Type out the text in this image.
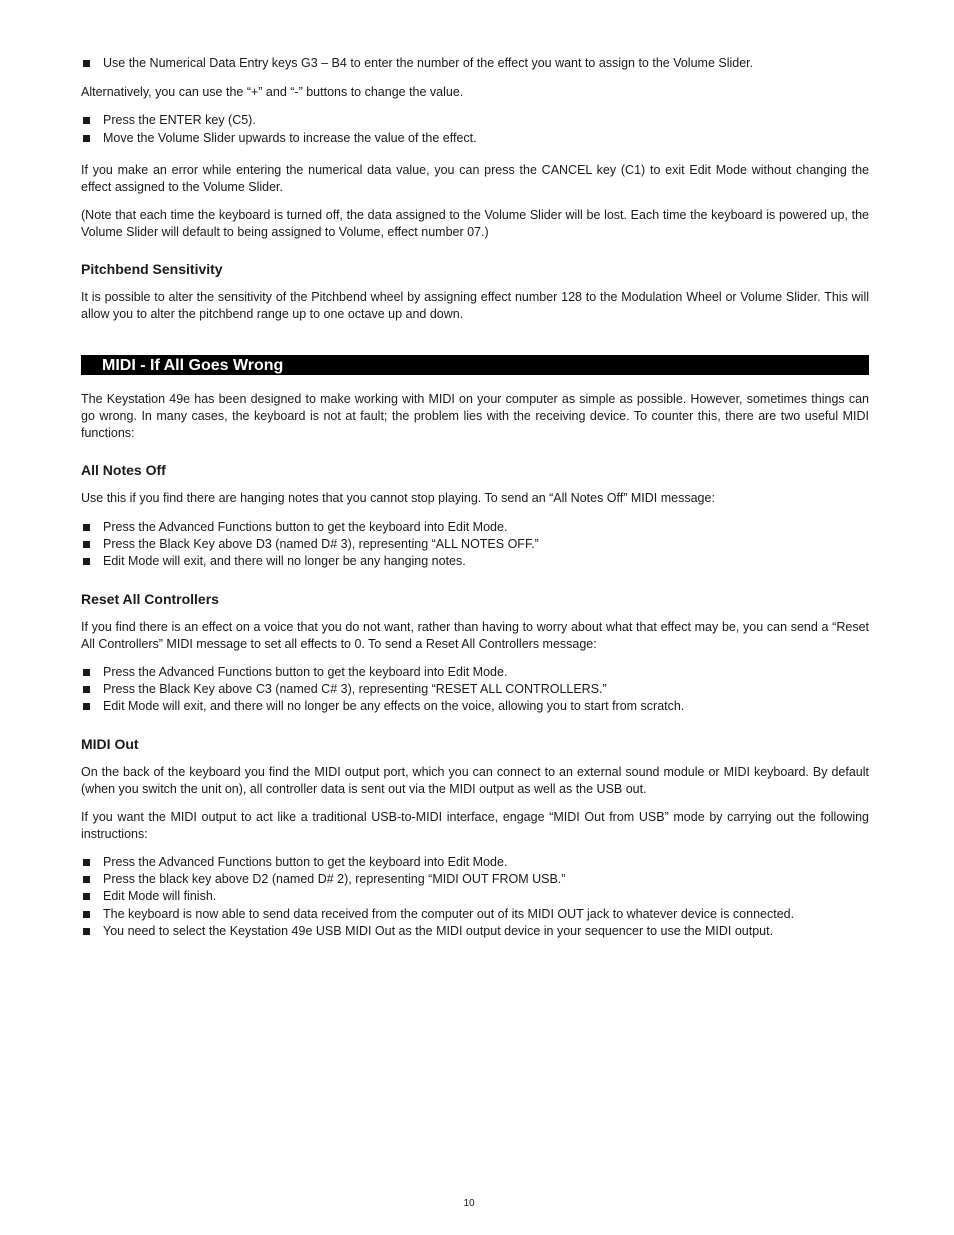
Use the Numerical Data Entry keys G3 – B4 to enter the number of the effect you want to assign to the Volume Slider.

Alternatively, you can use the “+” and “-” buttons to change the value.

Press the ENTER key (C5).
Move the Volume Slider upwards to increase the value of the effect.

If you make an error while entering the numerical data value, you can press the CANCEL key (C1) to exit Edit Mode without changing the effect assigned to the Volume Slider.

(Note that each time the keyboard is turned off, the data assigned to the Volume Slider will be lost. Each time the keyboard is powered up, the Volume Slider will default to being assigned to Volume, effect number 07.)

Pitchbend Sensitivity

It is possible to alter the sensitivity of the Pitchbend wheel by assigning effect number 128 to the Modulation Wheel or Volume Slider. This will allow you to alter the pitchbend range up to one octave up and down.

MIDI - If All Goes Wrong

The Keystation 49e has been designed to make working with MIDI on your computer as simple as possible. However, sometimes things can go wrong. In many cases, the keyboard is not at fault; the problem lies with the receiving device. To counter this, there are two useful MIDI functions:

All Notes Off

Use this if you find there are hanging notes that you cannot stop playing. To send an “All Notes Off” MIDI message:

Press the Advanced Functions button to get the keyboard into Edit Mode.
Press the Black Key above D3 (named D# 3), representing “ALL NOTES OFF.”
Edit Mode will exit, and there will no longer be any hanging notes.
Reset All Controllers

If you find there is an effect on a voice that you do not want, rather than having to worry about what that effect may be, you can send a “Reset All Controllers” MIDI message to set all effects to 0. To send a Reset All Controllers message:

Press the Advanced Functions button to get the keyboard into Edit Mode.
Press the Black Key above C3 (named C# 3), representing “RESET ALL CONTROLLERS.”
Edit Mode will exit, and there will no longer be any effects on the voice, allowing you to start from scratch.
MIDI Out

On the back of the keyboard you find the MIDI output port, which you can connect to an external sound module or MIDI keyboard. By default (when you switch the unit on), all controller data is sent out via the MIDI output as well as the USB out.

If you want the MIDI output to act like a traditional USB-to-MIDI interface, engage “MIDI Out from USB” mode by carrying out the following instructions:

Press the Advanced Functions button to get the keyboard into Edit Mode.
Press the black key above D2 (named D# 2), representing “MIDI OUT FROM USB.”
Edit Mode will finish.
The keyboard is now able to send data received from the computer out of its MIDI OUT jack to whatever device is connected.
You need to select the Keystation 49e USB MIDI Out as the MIDI output device in your sequencer to use the MIDI output.
10
